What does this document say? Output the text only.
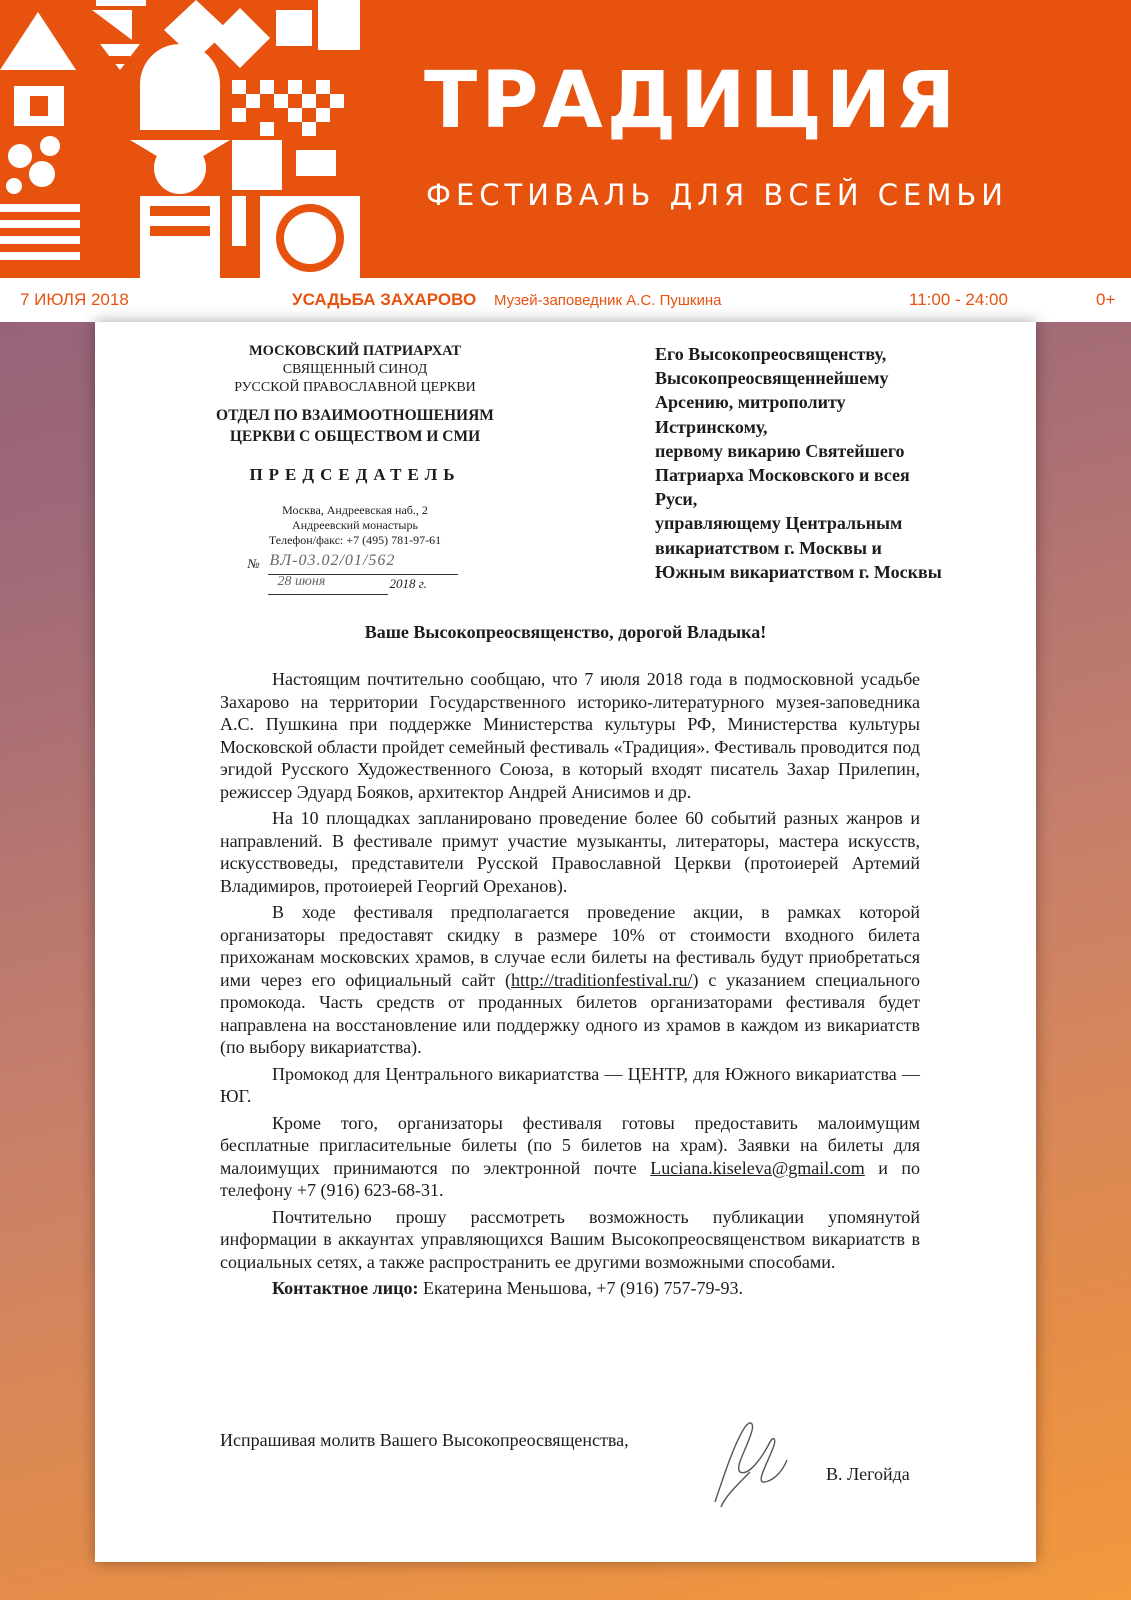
ТРАДИЦИЯ
ФЕСТИВАЛЬ ДЛЯ ВСЕЙ СЕМЬИ
7 ИЮЛЯ 2018	УСАДЬБА ЗАХАРОВО Музей-заповедник А.С. Пушкина	11:00 - 24:00	0+
МОСКОВСКИЙ ПАТРИАРХАТ
СВЯЩЕННЫЙ СИНОД
РУССКОЙ ПРАВОСЛАВНОЙ ЦЕРКВИ
ОТДЕЛ ПО ВЗАИМООТНОШЕНИЯМ
ЦЕРКВИ С ОБЩЕСТВОМ И СМИ
ПРЕДСЕДАТЕЛЬ
Москва, Андреевская наб., 2
Андреевский монастырь
Телефон/факс: +7 (495) 781-97-61
№ ВЛ-03.02/01/562
28 июня	2018 г.
Его Высокопреосвященству,
Высокопреосвященнейшему
Арсению, митрополиту
Истринскому,
первому викарию Святейшего
Патриарха Московского и всея
Руси,
управляющему Центральным
викариатством г. Москвы и
Южным викариатством г. Москвы
Ваше Высокопреосвященство, дорогой Владыка!

Настоящим почтительно сообщаю, что 7 июля 2018 года в подмосковной усадьбе Захарово на территории Государственного историко-литературного музея-заповедника А.С. Пушкина при поддержке Министерства культуры РФ, Министерства культуры Московской области пройдет семейный фестиваль «Традиция». Фестиваль проводится под эгидой Русского Художественного Союза, в который входят писатель Захар Прилепин, режиссер Эдуард Бояков, архитектор Андрей Анисимов и др.

На 10 площадках запланировано проведение более 60 событий разных жанров и направлений. В фестивале примут участие музыканты, литераторы, мастера искусств, искусствоведы, представители Русской Православной Церкви (протоиерей Артемий Владимиров, протоиерей Георгий Ореханов).

В ходе фестиваля предполагается проведение акции, в рамках которой организаторы предоставят скидку в размере 10% от стоимости входного билета прихожанам московских храмов, в случае если билеты на фестиваль будут приобретаться ими через его официальный сайт (http://traditionfestival.ru/) с указанием специального промокода. Часть средств от проданных билетов организаторами фестиваля будет направлена на восстановление или поддержку одного из храмов в каждом из викариатств (по выбору викариатства).

Промокод для Центрального викариатства — ЦЕНТР, для Южного викариатства — ЮГ.

Кроме того, организаторы фестиваля готовы предоставить малоимущим бесплатные пригласительные билеты (по 5 билетов на храм). Заявки на билеты для малоимущих принимаются по электронной почте Luciana.kiseleva@gmail.com и по телефону +7 (916) 623-68-31.

Почтительно прошу рассмотреть возможность публикации упомянутой информации в аккаунтах управляющихся Вашим Высокопреосвященством викариатств в социальных сетях, а также распространить ее другими возможными способами.

Контактное лицо: Екатерина Меньшова, +7 (916) 757-79-93.

Испрашивая молитв Вашего Высокопреосвященства,
В. Легойда
